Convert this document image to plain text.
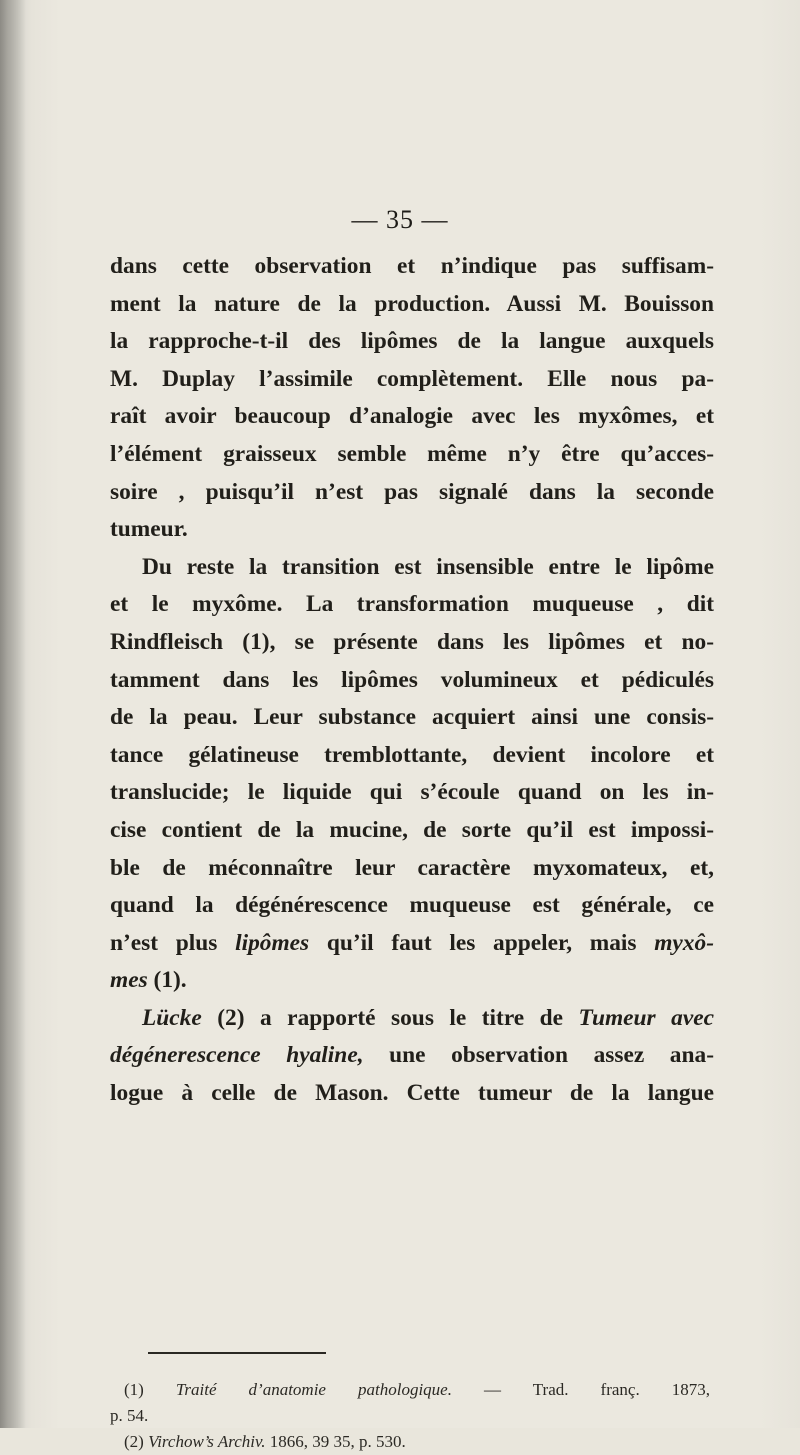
— 35 —
dans cette observation et n’indique pas suffisam-
ment la nature de la production. Aussi M. Bouisson
la rapproche-t-il des lipômes de la langue auxquels
M. Duplay l’assimile complètement. Elle nous pa-
raît avoir beaucoup d’analogie avec les myxômes, et
l’élément graisseux semble même n’y être qu’acces-
soire , puisqu’il n’est pas signalé dans la seconde
tumeur.
Du reste la transition est insensible entre le lipôme
et le myxôme. La transformation muqueuse , dit
Rindfleisch (1), se présente dans les lipômes et no-
tamment dans les lipômes volumineux et pédiculés
de la peau. Leur substance acquiert ainsi une consis-
tance gélatineuse tremblottante, devient incolore et
translucide; le liquide qui s’écoule quand on les in-
cise contient de la mucine, de sorte qu’il est impossi-
ble de méconnaître leur caractère myxomateux, et,
quand la dégénérescence muqueuse est générale, ce
n’est plus lipômes qu’il faut les appeler, mais myxô-
mes (1).
Lücke (2) a rapporté sous le titre de Tumeur avec
dégénerescence hyaline, une observation assez ana-
logue à celle de Mason. Cette tumeur de la langue
(1) Traité d’anatomie pathologique. — Trad. franç. 1873,
p. 54.
(2) Virchow’s Archiv. 1866, 39 35, p. 530.
